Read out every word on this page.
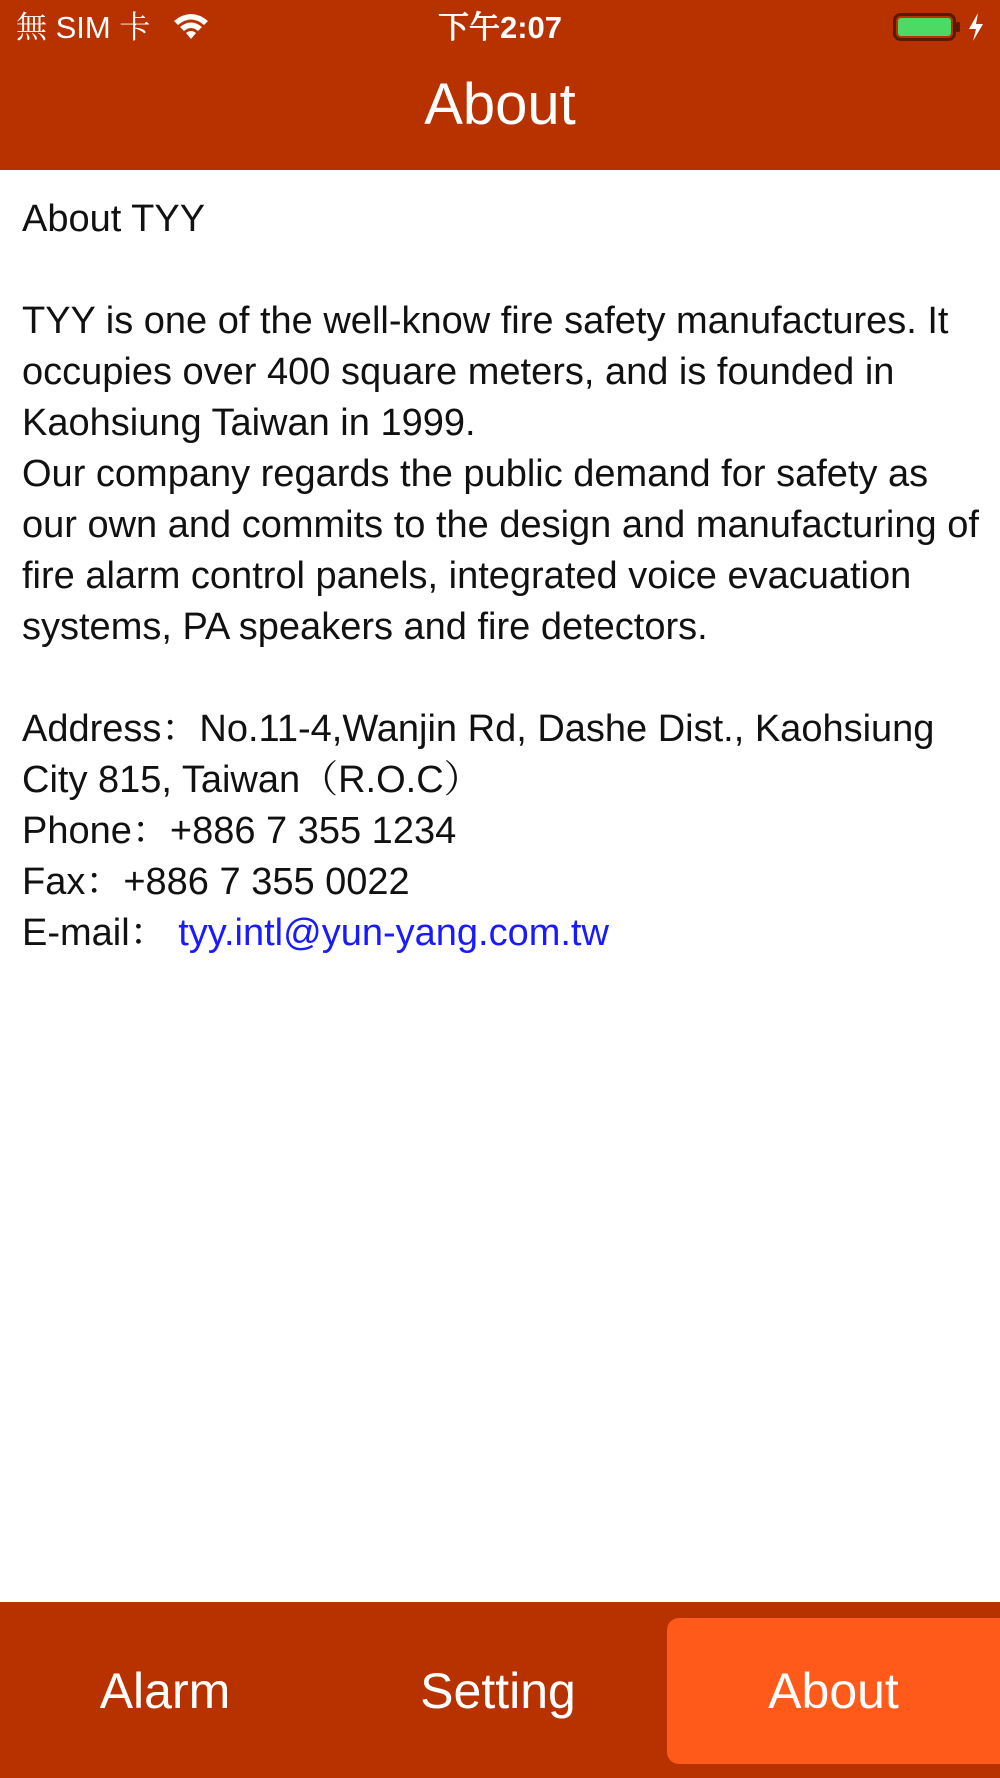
無 SIM 卡	下午2:07
About

About TYY

TYY is one of the well-know fire safety manufactures. It occupies over 400 square meters, and is founded in Kaohsiung Taiwan in 1999.

Our company regards the public demand for safety as our own and commits to the design and manufacturing of fire alarm control panels, integrated voice evacuation systems, PA speakers and fire detectors.

Address：No.11-4,Wanjin Rd, Dashe Dist., Kaohsiung City 815, Taiwan（R.O.C）

Phone：+886 7 355 1234

Fax：+886 7 355 0022

E-mail： tyy.intl@yun-yang.com.tw

Alarm	Setting	About
